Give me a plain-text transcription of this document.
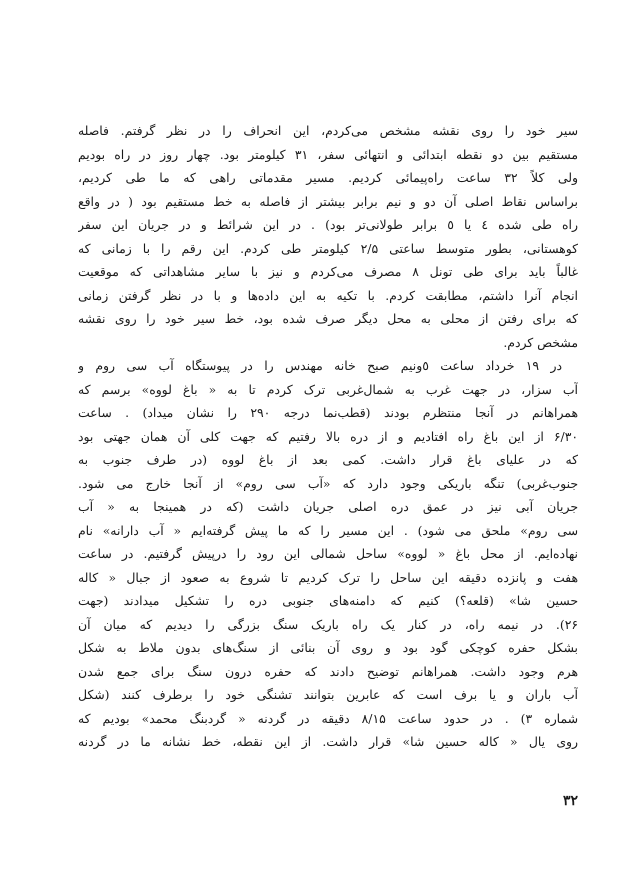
سیر خود را روی نقشه مشخص می‌کردم، این انحراف را در نظر گرفتم. فاصله
مستقیم بین دو نقطه ابتدائی و انتهائی سفر، ۳۱ کیلومتر بود. چهار روز در راه بودیم
ولی کلاً ۳۲ ساعت راه‌پیمائی کردیم. مسیر مقدماتی راهی که ما طی کردیم،
براساس نقاط اصلی آن دو و نیم برابر بیشتر از فاصله به خط مستقیم بود ( در واقع
راه طی شده ٤ یا ٥ برابر طولانی‌تر بود) . در این شرائط و در جریان این سفر
کوهستانی، بطور متوسط ساعتی ۲/۵ کیلومتر طی کردم. این رقم را با زمانی که
غالباً باید برای طی تونل ۸ مصرف می‌کردم و نیز با سایر مشاهداتی که موقعیت
انجام آنرا داشتم، مطابقت کردم. با تکیه به این داده‌ها و با در نظر گرفتن زمانی
که برای رفتن از محلی به محل دیگر صرف شده بود، خط سیر خود را روی نقشه
مشخص کردم.
در ۱۹ خرداد ساعت ٥ونیم صبح خانه مهندس را در پیوستگاه آب سی روم و
آب سزار، در جهت غرب به شمال‌غربی ترک کردم تا به « باغ لووه» برسم که
همراهانم در آنجا منتظرم بودند (قطب‌نما درجه ۲۹۰ را نشان میداد) . ساعت
۶/۳۰ از این باغ راه افتادیم و از دره بالا رفتیم که جهت کلی آن همان جهتی بود
که در علیای باغ قرار داشت. کمی بعد از باغ لووه (در طرف جنوب به
جنوب‌غربی) تنگه باریکی وجود دارد که «آب سی روم» از آنجا خارج می شود.
جریان آبی نیز در عمق دره اصلی جریان داشت (که در همینجا به « آب
سی روم» ملحق می شود) . این مسیر را که ما پیش گرفته‌ایم « آب دارانه» نام
نهاده‌ایم. از محل باغ « لووه» ساحل شمالی این رود را درپیش گرفتیم. در ساعت
هفت و پانزده دقیقه این ساحل را ترک کردیم تا شروع به صعود از جبال « کاله
حسین شا» (قلعه؟) کنیم که دامنه‌های جنوبی دره را تشکیل میدادند (جهت
۲۶). در نیمه راه، در کنار یک راه باریک سنگ بزرگی را دیدیم که میان آن
بشکل حفره کوچکی گود بود و روی آن بنائی از سنگ‌های بدون ملاط به شکل
هرم وجود داشت. همراهانم توضیح دادند که حفره درون سنگ برای جمع شدن
آب باران و یا برف است که عابرین بتوانند تشنگی خود را برطرف کنند (شکل
شماره ۳) . در حدود ساعت ۸/۱۵ دقیقه در گردنه « گردبنگ محمد» بودیم که
روی یال « کاله حسین شا» قرار داشت. از این نقطه، خط نشانه ما در گردنه
۳۲
